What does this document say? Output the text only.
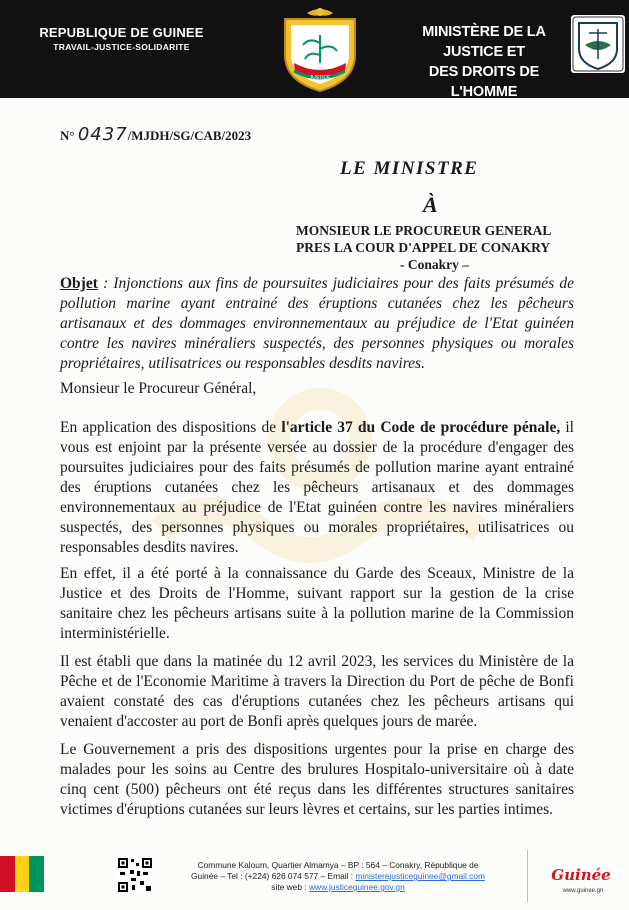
REPUBLIQUE DE GUINEE
TRAVAIL-JUSTICE-SOLIDARITE
JUSTICE
MINISTÈRE DE LA JUSTICE ET
DES DROITS DE L'HOMME
N° 0437/MJDH/SG/CAB/2023
LE MINISTRE
À
MONSIEUR LE PROCUREUR GENERAL
PRES LA COUR D'APPEL DE CONAKRY
- Conakry –
Objet : Injonctions aux fins de poursuites judiciaires pour des faits présumés de pollution marine ayant entrainé des éruptions cutanées chez les pêcheurs artisanaux et des dommages environnementaux au préjudice de l'Etat guinéen contre les navires minéraliers suspectés, des personnes physiques ou morales propriétaires, utilisatrices ou responsables desdits navires.
Monsieur le Procureur Général,
En application des dispositions de l'article 37 du Code de procédure pénale, il vous est enjoint par la présente versée au dossier de la procédure d'engager des poursuites judiciaires pour des faits présumés de pollution marine ayant entrainé des éruptions cutanées chez les pêcheurs artisanaux et des dommages environnementaux au préjudice de l'Etat guinéen contre les navires minéraliers suspectés, des personnes physiques ou morales propriétaires, utilisatrices ou responsables desdits navires.
En effet, il a été porté à la connaissance du Garde des Sceaux, Ministre de la Justice et des Droits de l'Homme, suivant rapport sur la gestion de la crise sanitaire chez les pêcheurs artisans suite à la pollution marine de la Commission interministérielle.
Il est établi que dans la matinée du 12 avril 2023, les services du Ministère de la Pêche et de l'Economie Maritime à travers la Direction du Port de pêche de Bonfi avaient constaté des cas d'éruptions cutanées chez les pêcheurs artisans qui venaient d'accoster au port de Bonfi après quelques jours de marée.
Le Gouvernement a pris des dispositions urgentes pour la prise en charge des malades pour les soins au Centre des brulures Hospitalo-universitaire où à date cinq cent (500) pêcheurs ont été reçus dans les différentes structures sanitaires victimes d'éruptions cutanées sur leurs lèvres et certains, sur les parties intimes.
Commune Kaloum, Quartier Almamya – BP : 564 – Conakry, République de
Guinée – Tel : (+224) 626 074 577 – Email : ministerejusticeguinee@gmail.com
site web : www.justiceguinee.gov.gn
Guinée
www.guinee.gn
